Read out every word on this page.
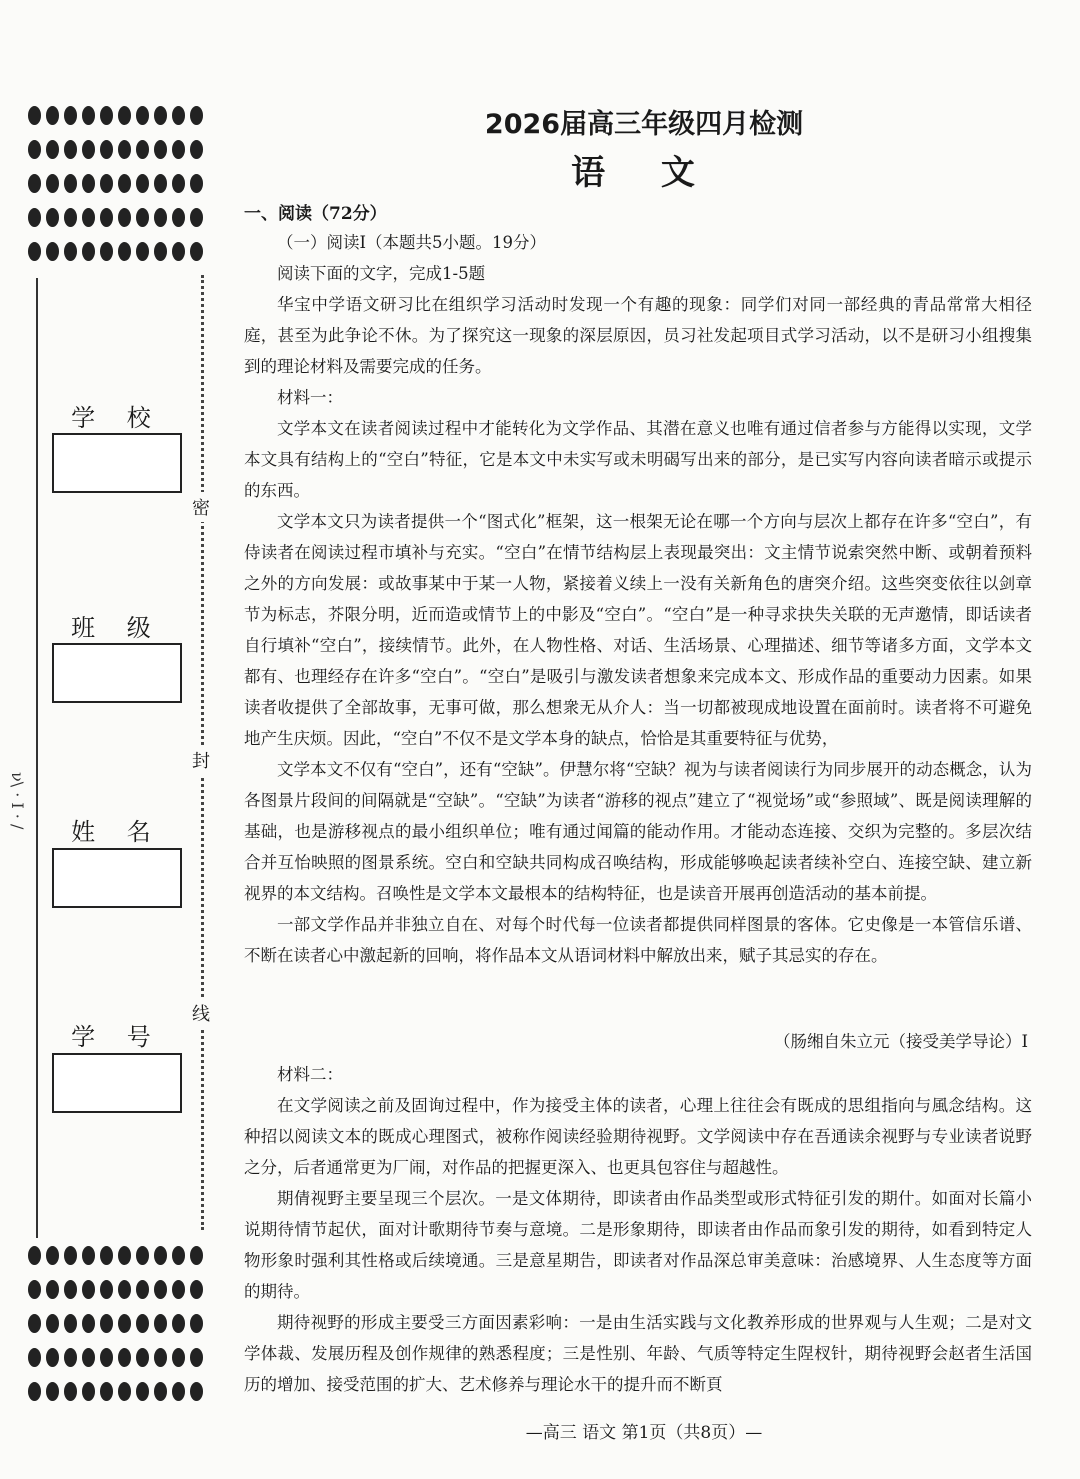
密
封
线
学 校
班 级
姓 名
学 号
ν\ · Ι · /
2026届高三年级四月检测
语 文
一、阅读（72分）

（一）阅读Ⅰ（本题共5小题。19分）

阅读下面的文字，完成1-5题

华宝中学语文研习比在组织学习活动时发现一个有趣的现象：同学们对同一部经典的青品常常大相径庭，甚至为此争论不休。为了探究这一现象的深层原因，员习社发起项目式学习活动，以不是研习小组搜集到的理论材料及需要完成的任务。

材料一：

文学本文在读者阅读过程中才能转化为文学作品、其潜在意义也唯有通过信者参与方能得以实现，文学本文具有结构上的“空白”特征，它是本文中未实写或未明碣写出来的部分，是已实写内容向读者暗示或提示的东西。

文学本文只为读者提供一个“图式化”框架，这一根架无论在哪一个方向与层次上都存在许多“空白”，有侍读者在阅读过程市填补与充实。“空白”在情节结构层上表现最突出：文主情节说索突然中断、或朝着预料之外的方向发展：或故事某中于某一人物，紧接着义续上一没有关新角色的唐突介绍。这些突变依往以剑章节为标志，芥限分明，近而造或情节上的中影及“空白”。“空白”是一种寻求抉失关联的无声邀情，即话读者自行填补“空白”，接续情节。此外，在人物性格、对话、生活场景、心理描述、细节等诸多方面，文学本文都有、也理经存在许多“空白”。“空白”是吸引与激发读者想象来完成本文、形成作品的重要动力因素。如果读者收提供了全部故事，无事可做，那么想衆无从介人：当一切都被现成地设置在面前时。读者将不可避免地产生庆烦。因此，“空白”不仅不是文学本身的缺点，恰恰是其重要特征与优势，

文学本文不仅有“空白”，还有“空缺”。伊慧尔将“空缺？视为与读者阅读行为同步展开的动态概念，认为各图景片段间的间隔就是“空缺”。“空缺”为读者“游移的视点”建立了“视觉场”或“参照域”、既是阅读理解的基础，也是游移视点的最小组织单位；唯有通过闻篇的能动作用。才能动态连接、交织为完整的。多层次结合并互怡映照的图景系统。空白和空缺共同构成召唤结构，形成能够唤起读者续补空白、连接空缺、建立新视界的本文结构。召唤性是文学本文最根本的结构特征，也是读音开展再创造活动的基本前提。

一部文学作品并非独立自在、对每个时代每一位读者都提供同样图景的客体。它史像是一本管信乐谱、不断在读者心中激起新的回响，将作品本文从语词材料中解放出来，赋子其忌实的存在。

（肠缃自朱立元（接受美学导论）Ⅰ

材料二：

在文学阅读之前及固询过程中，作为接受主体的读者，心理上往往会有既成的思组指向与風念结构。这种招以阅读文本的既成心理图式，被称作阅读经验期待视野。文学阅读中存在吾通读余视野与专业读者说野之分，后者通常更为厂闹，对作品的把握更深入、也更具包容住与超越性。

期倩视野主要呈现三个层次。一是文体期待，即读者由作品类型或形式特征引发的期什。如面对长篇小说期待情节起伏，面对计歌期待节奏与意境。二是形象期待，即读者由作品而象引发的期待，如看到特定人物形象时强利其性格或后续境通。三是意星期告，即读者对作品深总审美意味：治感境界、人生态度等方面的期待。

期待视野的形成主要受三方面因素彩响：一是由生活实践与文化教养形成的世界观与人生观；二是对文学体裁、发展历程及创作规律的熟悉程度；三是性别、年龄、气质等特定生陧杈针，期待视野会赵者生活国历的增加、接受范围的扩大、艺术修养与理论水干的提升而不断頁

—高三 语文 第1页（共8页）—
